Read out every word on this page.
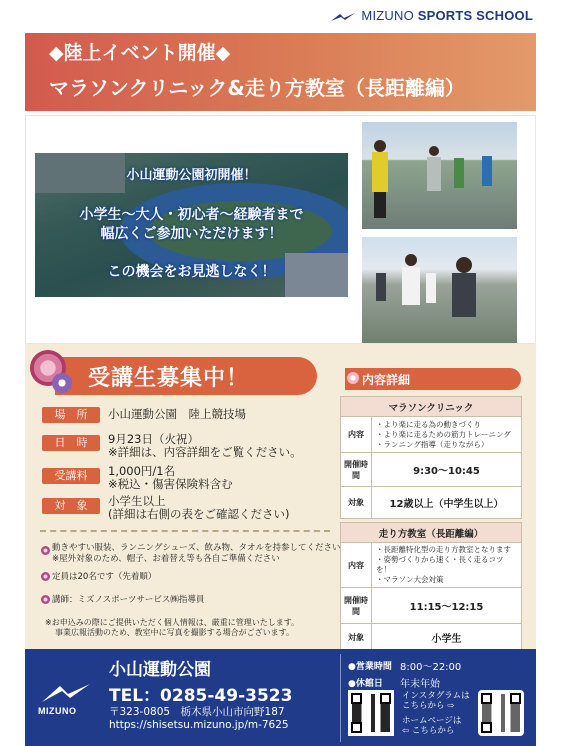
MIZUNO SPORTS SCHOOL
◆陸上イベント開催◆
マラソンクリニック&走り方教室（長距離編）
小山運動公園初開催！
小学生～大人・初心者～経験者まで
幅広くご参加いただけます！
この機会をお見逃しなく！
受講生募集中！
場　所	小山運動公園　陸上競技場
日　時	9月23日（火祝）
※詳細は、内容詳細をご覧ください。
受講料	1,000円/1名
※税込・傷害保険料含む
対　象	小学生以上
(詳細は右側の表をご確認ください)
動きやすい服装、ランニングシューズ、飲み物、タオルを持参してください
※屋外対象のため、帽子、お着替え等も各自ご準備ください
定員は20名です（先着順）
講師：ミズノスポーツサービス㈱指導員
※お申込みの際にご提供いただく個人情報は、厳重に管理いたします。
事業広報活動のため、教室中に写真を撮影する場合がございます。
内容詳細
マラソンクリニック	
内容	・より楽に走る為の動きづくり
・より楽に走るための筋力トレーニング
・ランニング指導（走りながら）

開催時間	9:30～10:45
対象	12歳以上（中学生以上）
走り方教室（長距離編）	
内容	・長距離特化型の走り方教室となります
・姿勢づくりから速く・長く走るコツを！
・マラソン大会対策

開催時間	11:15～12:15
対象	小学生
MIZUNO
小山運動公園
TEL：0285-49-3523
〒323-0805　栃木県小山市向野187
https://shisetsu.mizuno.jp/m-7625
●営業時間 8:00～22:00
●休館日 年末年始
インスタグラムは
こちらから ⇨
ホームページは
⇦ こちらから
